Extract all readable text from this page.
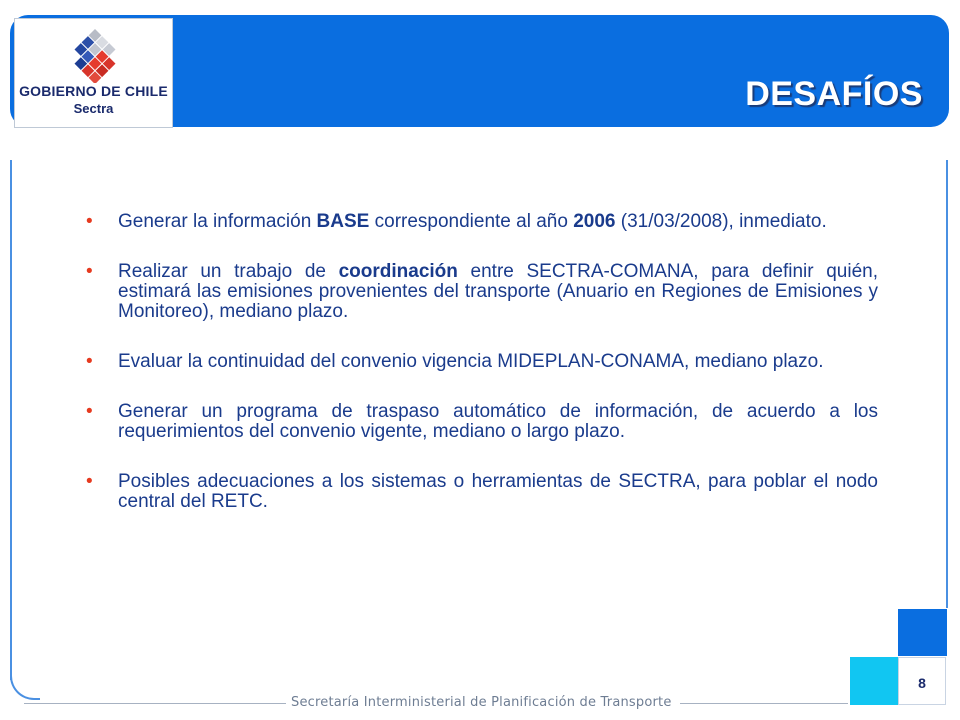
DESAFÍOS
GOBIERNO DE CHILE
Sectra
• Generar la información BASE correspondiente al año 2006 (31/03/2008), inmediato.
• Realizar un trabajo de coordinación entre SECTRA-COMANA, para definir quién, estimará las emisiones provenientes del transporte (Anuario en Regiones de Emisiones y Monitoreo), mediano plazo.
• Evaluar la continuidad del convenio vigencia MIDEPLAN-CONAMA, mediano plazo.
• Generar un programa de traspaso automático de información, de acuerdo a los requerimientos del convenio vigente, mediano o largo plazo.
• Posibles adecuaciones a los sistemas o herramientas de SECTRA, para poblar el nodo central del RETC.
8
Secretaría Interministerial de Planificación de Transporte
